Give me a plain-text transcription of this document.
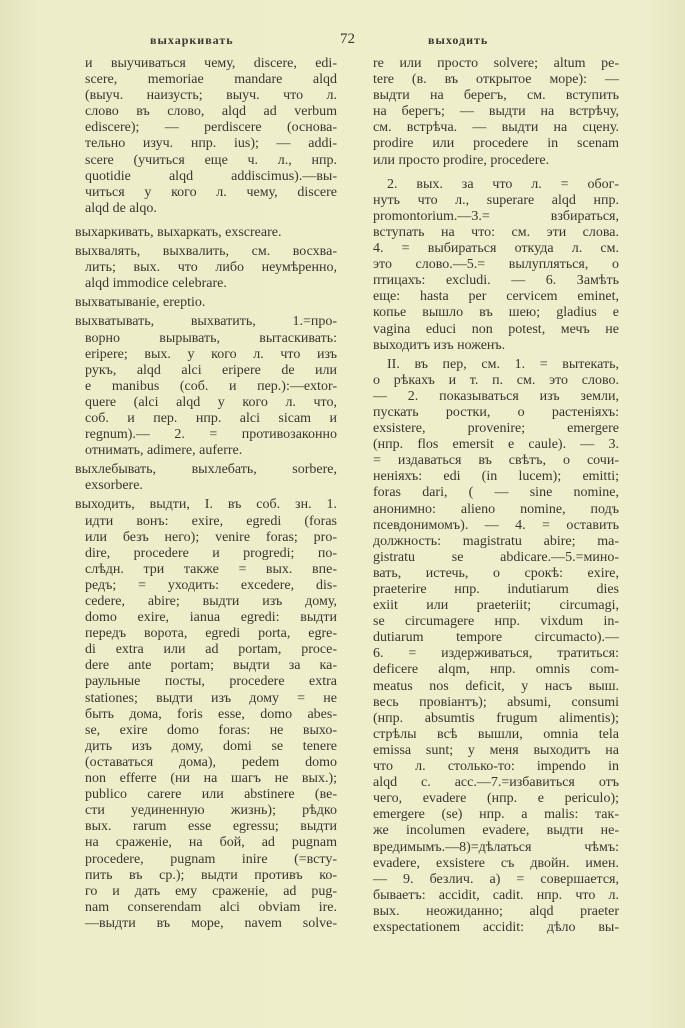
выхаркивать	72	выходить
и выучиваться чему, discere, edi-
scere, memoriae mandare alqd
(выуч. наизусть; выуч. что л.
слово въ слово, alqd ad verbum
ediscere); — perdiscere (основа-
тельно изуч. нпр. ius); — addi-
scere (учиться еще ч. л., нпр.
quotidie alqd addiscimus).—вы-
читься у кого л. чему, discere
alqd de alqo.
выхаркивать, выхаркать, exscreare.
выхвалять, выхвалить, см. восхва-
лить; вых. что либо неумѣренно,
alqd immodice celebrare.
выхватываніе, ereptio.
выхватывать, выхватить, 1.=про-
ворно вырывать, вытаскивать:
eripere; вых. у кого л. что изъ
рукъ, alqd alci eripere de или
e manibus (соб. и пер.):—extor-
quere (alci alqd у кого л. что,
соб. и пер. нпр. alci sicam и
regnum).— 2. = противозаконно
отнимать, adimere, auferre.
выхлебывать, выхлебать, sorbere,
exsorbere.
выходить, выдти, I. въ соб. зн. 1.
идти вонъ: exire, egredi (foras
или безъ него); venire foras; pro-
dire, procedere и progredi; по-
слѣдн. три также = вых. впе-
редъ; = уходить: excedere, dis-
cedere, abire; выдти изъ дому,
domo exire, ianua egredi: выдти
передъ ворота, egredi porta, egre-
di extra или ad portam, proce-
dere ante portam; выдти за ка-
раульные посты, procedere extra
stationes; выдти изъ дому = не
быть дома, foris esse, domo abes-
se, exire domo foras: не выхо-
дить изъ дому, domi se tenere
(оставаться дома), pedem domo
non efferre (ни на шагъ не вых.);
publico carere или abstinere (ве-
сти уединенную жизнь); рѣдко
вых. rarum esse egressu; выдти
на сраженіе, на бой, ad pugnam
procedere, pugnam inire (=всту-
пить въ ср.); выдти противъ ко-
го и дать ему сраженіе, ad pug-
nam conserendam alci obviam ire.
—выдти въ море, navem solve-
re или просто solvere; altum pe-
tere (в. въ открытое море): —
выдти на берегъ, см. вступить
на берегъ; — выдти на встрѣчу,
см. встрѣча. — выдти на сцену.
prodire или procedere in scenam
или просто prodire, procedere.
2. вых. за что л. = обог-
нуть что л., superare alqd нпр.
promontorium.—3.= взбираться,
вступать на что: см. эти слова.
4. = выбираться откуда л. см.
это слово.—5.= вылупляться, о
птицахъ: excludi. — 6. Замѣть
еще: hasta per cervicem eminet,
копье вышло въ шею; gladius e
vagina educi non potest, мечъ не
выходитъ изъ ноженъ.
II. въ пер, см. 1. = вытекать,
о рѣкахъ и т. п. см. это слово.
— 2. показываться изъ земли,
пускать ростки, о растеніяхъ:
exsistere, provenire; emergere
(нпр. flos emersit e caule). — 3.
= издаваться въ свѣтъ, о сочи-
неніяхъ: edi (in lucem); emitti;
foras dari, ( — sine nomine,
анонимно: alieno nomine, подъ
псевдонимомъ). — 4. = оставить
должность: magistratu abire; ma-
gistratu se abdicare.—5.=мино-
вать, истечь, о срокѣ: exire,
praeterire нпр. indutiarum dies
exiit или praeteriit; circumagi,
se circumagere нпр. vixdum in-
dutiarum tempore circumacto).—
6. = издерживаться, тратиться:
deficere alqm, нпр. omnis com-
meatus nos deficit, у насъ выш.
весь провіантъ); absumi, consumi
(нпр. absumtis frugum alimentis);
стрѣлы всѣ вышли, omnia tela
emissa sunt; у меня выходитъ на
что л. столько-то: impendo in
alqd c. acc.—7.=избавиться отъ
чего, evadere (нпр. e periculo);
emergere (se) нпр. a malis: так-
же incolumen evadere, выдти не-
вредимымъ.—8)=дѣлаться чѣмъ:
evadere, exsistere съ двойн. имен.
— 9. безлич. a) = совершается,
бываетъ: accidit, cadit. нпр. что л.
вых. неожиданно; alqd praeter
exspectationem accidit: дѣло вы-
